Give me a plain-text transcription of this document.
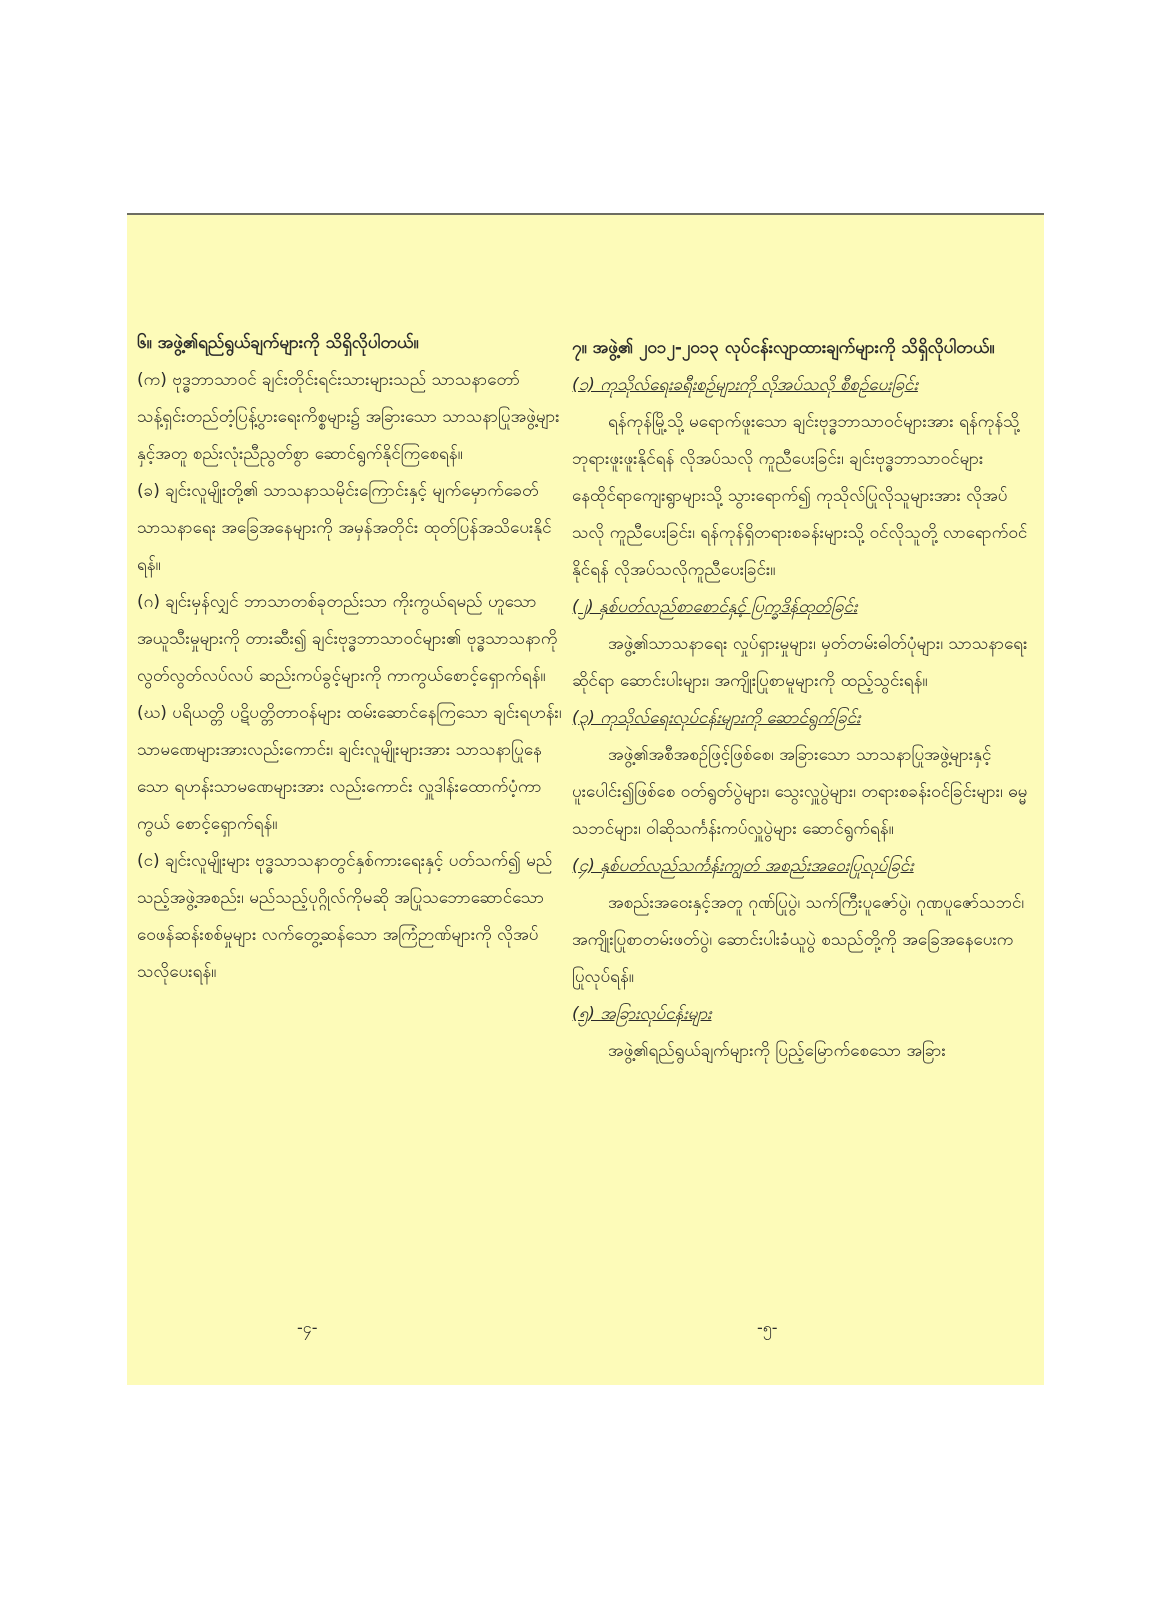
၆။ အဖွဲ့၏ရည်ရွယ်ချက်များကို သိရှိလိုပါတယ်။

(က) ဗုဒ္ဓဘာသာဝင် ချင်းတိုင်းရင်းသားများသည် သာသနာတော် သန့်ရှင်းတည်တံ့ပြန့်ပွားရေးကိစ္စများ၌ အခြားသော သာသနာပြုအဖွဲ့များနှင့်အတူ စည်းလုံးညီညွတ်စွာ ဆောင်ရွက်နိုင်ကြစေရန်။

(ခ) ချင်းလူမျိုးတို့၏ သာသနာသမိုင်းကြောင်းနှင့် မျက်မှောက်ခေတ်သာသနာရေး အခြေအနေများကို အမှန်အတိုင်း ထုတ်ပြန်အသိပေးနိုင်ရန်။

(ဂ) ချင်းမှန်လျှင် ဘာသာတစ်ခုတည်းသာ ကိုးကွယ်ရမည် ဟူသော အယူသီးမှုများကို တားဆီး၍ ချင်းဗုဒ္ဓဘာသာဝင်များ၏ ဗုဒ္ဓသာသနာကို လွတ်လွတ်လပ်လပ် ဆည်းကပ်ခွင့်များကို ကာကွယ်စောင့်ရှောက်ရန်။

(ဃ) ပရိယတ္တိ ပဋိပတ္တိတာဝန်များ ထမ်းဆောင်နေကြသော ချင်းရဟန်း၊ သာမဏေများအားလည်းကောင်း၊ ချင်းလူမျိုးများအား သာသနာပြုနေသော ရဟန်းသာမဏေများအား လည်းကောင်း လှူဒါန်းထောက်ပံ့ကာကွယ် စောင့်ရှောက်ရန်။

(င) ချင်းလူမျိုးများ ဗုဒ္ဓသာသနာတွင်နှစ်ကားရေးနှင့် ပတ်သက်၍ မည်သည့်အဖွဲ့အစည်း၊ မည်သည့်ပုဂ္ဂိုလ်ကိုမဆို အပြုသဘောဆောင်သော ဝေဖန်ဆန်းစစ်မှုများ လက်တွေ့ဆန်သော အကြံဉာဏ်များကို လိုအပ်သလိုပေးရန်။

၇။ အဖွဲ့၏ ၂၀၁၂-၂၀၁၃ လုပ်ငန်းလျာထားချက်များကို သိရှိလိုပါတယ်။

(၁) ကုသိုလ်ရေးခရီးစဉ်များကို လိုအပ်သလို စီစဉ်ပေးခြင်း

ရန်ကုန်မြို့သို့ မရောက်ဖူးသော ချင်းဗုဒ္ဓဘာသာဝင်များအား ရန်ကုန်သို့ ဘုရားဖူးဖူးနိုင်ရန် လိုအပ်သလို ကူညီပေးခြင်း၊ ချင်းဗုဒ္ဓဘာသာဝင်များ နေထိုင်ရာကျေးရွာများသို့ သွားရောက်၍ ကုသိုလ်ပြုလိုသူများအား လိုအပ်သလို ကူညီပေးခြင်း၊ ရန်ကုန်ရှိတရားစခန်းများသို့ ဝင်လိုသူတို့ လာရောက်ဝင်နိုင်ရန် လိုအပ်သလိုကူညီပေးခြင်း။

(၂) နှစ်ပတ်လည်စာစောင်နှင့် ပြက္ခဒိန်ထုတ်ခြင်း

အဖွဲ့၏သာသနာရေး လှုပ်ရှားမှုများ၊ မှတ်တမ်းဓါတ်ပုံများ၊ သာသနာရေးဆိုင်ရာ ဆောင်းပါးများ၊ အကျိုးပြုစာမူများကို ထည့်သွင်းရန်။

(၃) ကုသိုလ်ရေးလုပ်ငန်းများကို ဆောင်ရွက်ခြင်း

အဖွဲ့၏အစီအစဉ်ဖြင့်ဖြစ်စေ၊ အခြားသော သာသနာပြုအဖွဲ့များနှင့်ပူးပေါင်း၍ဖြစ်စေ ဝတ်ရွတ်ပွဲများ၊ သွေးလှူပွဲများ၊ တရားစခန်းဝင်ခြင်းများ၊ ဓမ္မသဘင်များ၊ ဝါဆိုသင်္ကန်းကပ်လှူပွဲများ ဆောင်ရွက်ရန်။

(၄) နှစ်ပတ်လည်သင်္ကန်းကျွတ် အစည်းအဝေးပြုလုပ်ခြင်း

အစည်းအဝေးနှင့်အတူ ဂုဏ်ပြုပွဲ၊ သက်ကြီးပူဇော်ပွဲ၊ ဂုဏပူဇော်သဘင်၊ အကျိုးပြုစာတမ်းဖတ်ပွဲ၊ ဆောင်းပါးခံယူပွဲ စသည်တို့ကို အခြေအနေပေးက ပြုလုပ်ရန်။

(၅) အခြားလုပ်ငန်းများ

အဖွဲ့၏ရည်ရွယ်ချက်များကို ပြည့်မြောက်စေသော အခြား

-၄-	-၅-
